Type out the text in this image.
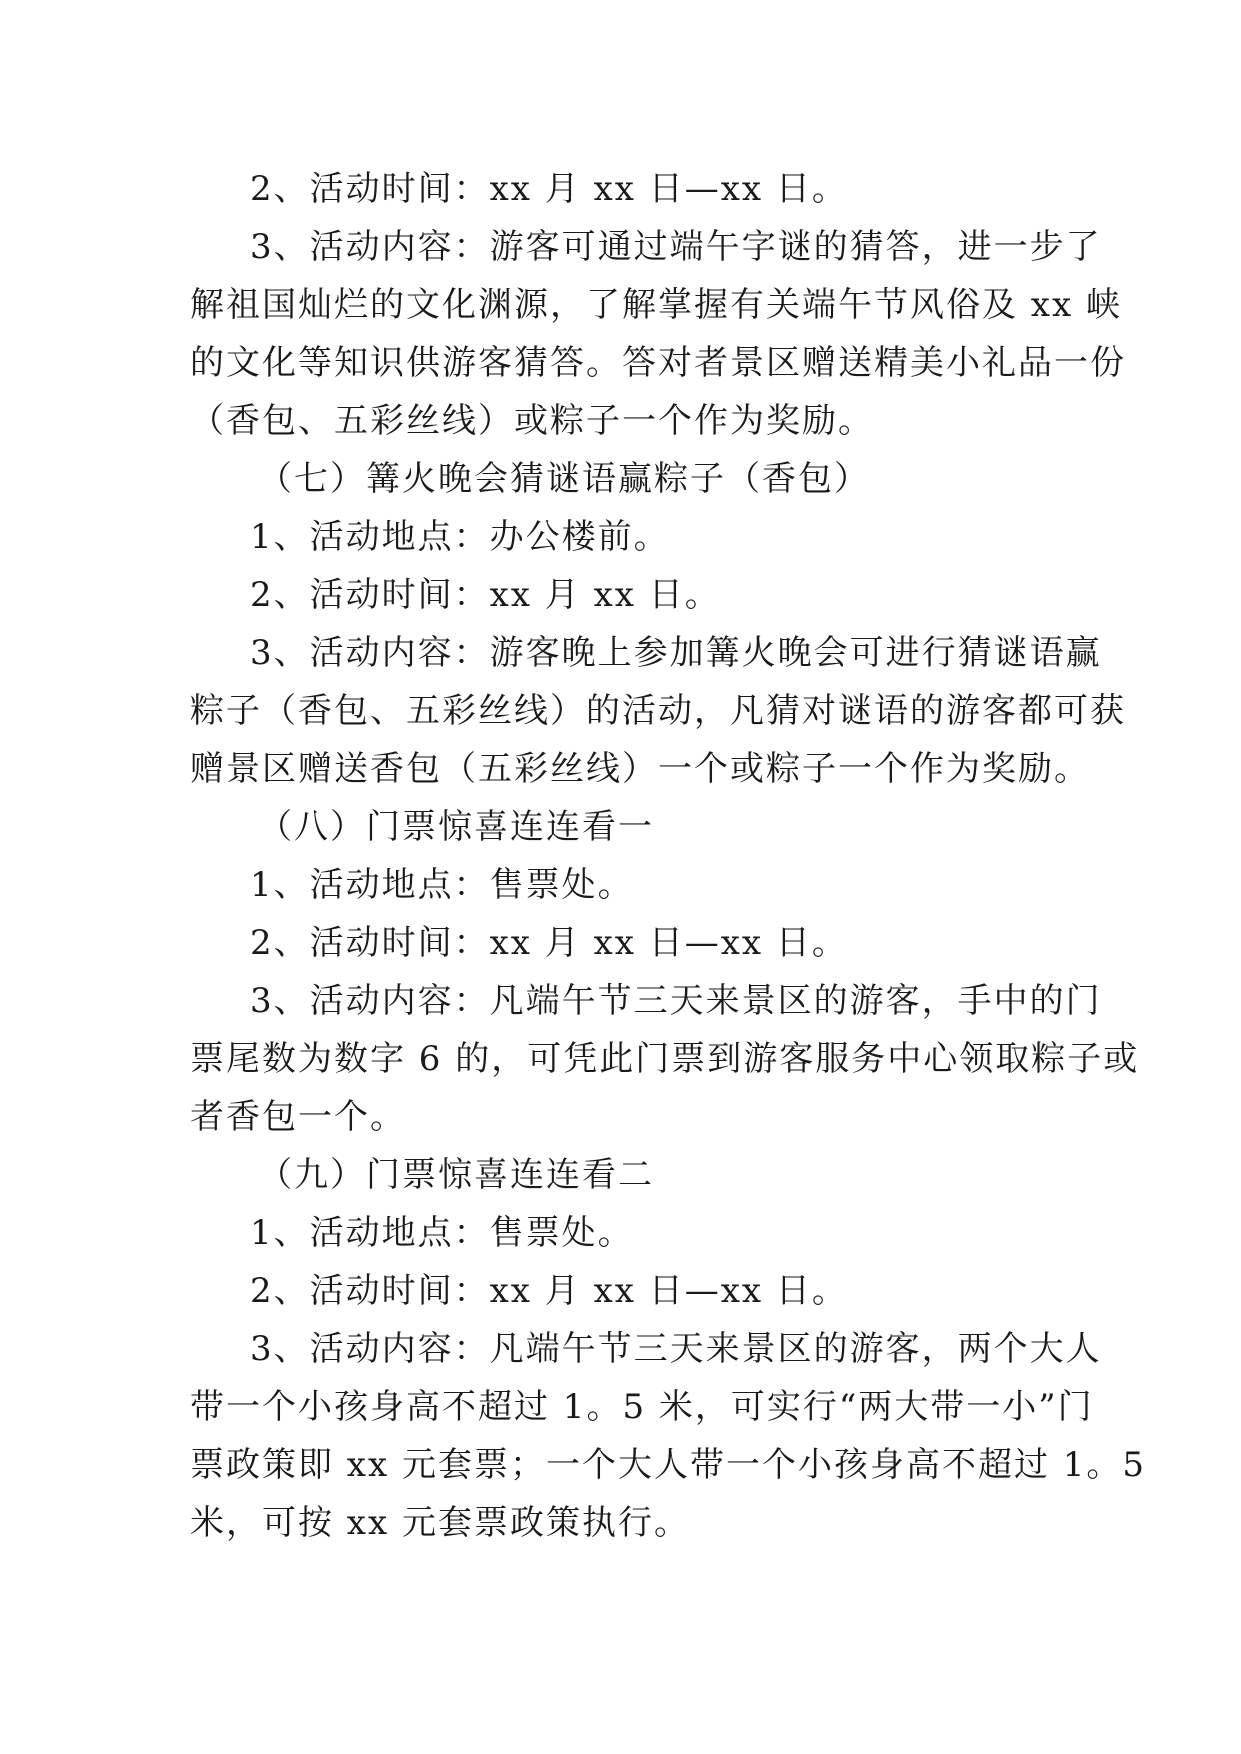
2、活动时间：xx 月 xx 日—xx 日。
3、活动内容：游客可通过端午字谜的猜答，进一步了
解祖国灿烂的文化渊源，了解掌握有关端午节风俗及 xx 峡
的文化等知识供游客猜答。答对者景区赠送精美小礼品一份
（香包、五彩丝线）或粽子一个作为奖励。
（七）篝火晚会猜谜语赢粽子（香包）
1、活动地点：办公楼前。
2、活动时间：xx 月 xx 日。
3、活动内容：游客晚上参加篝火晚会可进行猜谜语赢
粽子（香包、五彩丝线）的活动，凡猜对谜语的游客都可获
赠景区赠送香包（五彩丝线）一个或粽子一个作为奖励。
（八）门票惊喜连连看一
1、活动地点：售票处。
2、活动时间：xx 月 xx 日—xx 日。
3、活动内容：凡端午节三天来景区的游客，手中的门
票尾数为数字 6 的，可凭此门票到游客服务中心领取粽子或
者香包一个。
（九）门票惊喜连连看二
1、活动地点：售票处。
2、活动时间：xx 月 xx 日—xx 日。
3、活动内容：凡端午节三天来景区的游客，两个大人
带一个小孩身高不超过 1。5 米，可实行“两大带一小”门
票政策即 xx 元套票；一个大人带一个小孩身高不超过 1。5
米，可按 xx 元套票政策执行。
